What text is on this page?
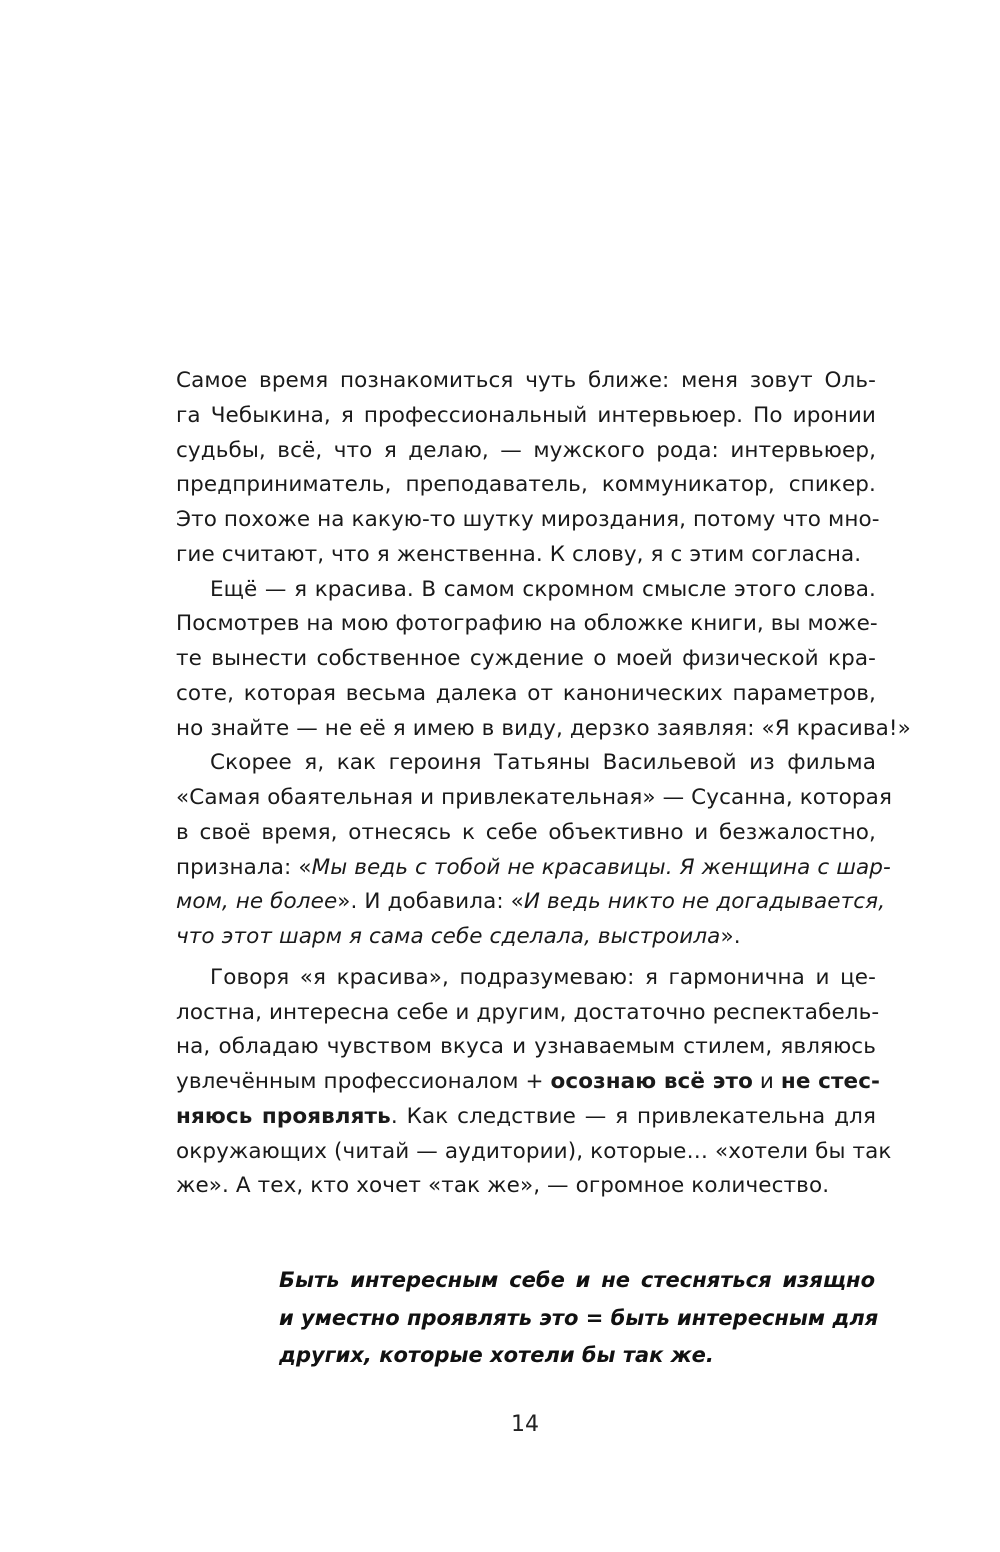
Самое время познакомиться чуть ближе: меня зовут Оль-
га Чебыкина, я профессиональный интервьюер. По иронии
судьбы, всё, что я делаю, — мужского рода: интервьюер,
предприниматель, преподаватель, коммуникатор, спикер.
Это похоже на какую-то шутку мироздания, потому что мно-
гие считают, что я женственна. К слову, я с этим согласна.
Ещё — я красива. В самом скромном смысле этого слова.
Посмотрев на мою фотографию на обложке книги, вы може-
те вынести собственное суждение о моей физической кра-
соте, которая весьма далека от канонических параметров,
но знайте — не её я имею в виду, дерзко заявляя: «Я красива!»
Скорее я, как героиня Татьяны Васильевой из фильма
«Самая обаятельная и привлекательная» — Сусанна, которая
в своё время, отнесясь к себе объективно и безжалостно,
признала: «Мы ведь с тобой не красавицы. Я женщина с шар-
мом, не более». И добавила: «И ведь никто не догадывается,
что этот шарм я сама себе сделала, выстроила».
Говоря «я красива», подразумеваю: я гармонична и це-
лостна, интересна себе и другим, достаточно респектабель-
на, обладаю чувством вкуса и узнаваемым стилем, являюсь
увлечённым профессионалом + осознаю всё это и не стес-
няюсь проявлять. Как следствие — я привлекательна для
окружающих (читай — аудитории), которые… «хотели бы так
же». А тех, кто хочет «так же», — огромное количество.
Быть интересным себе и не стесняться изящно
и уместно проявлять это = быть интересным для
других, которые хотели бы так же.
14
